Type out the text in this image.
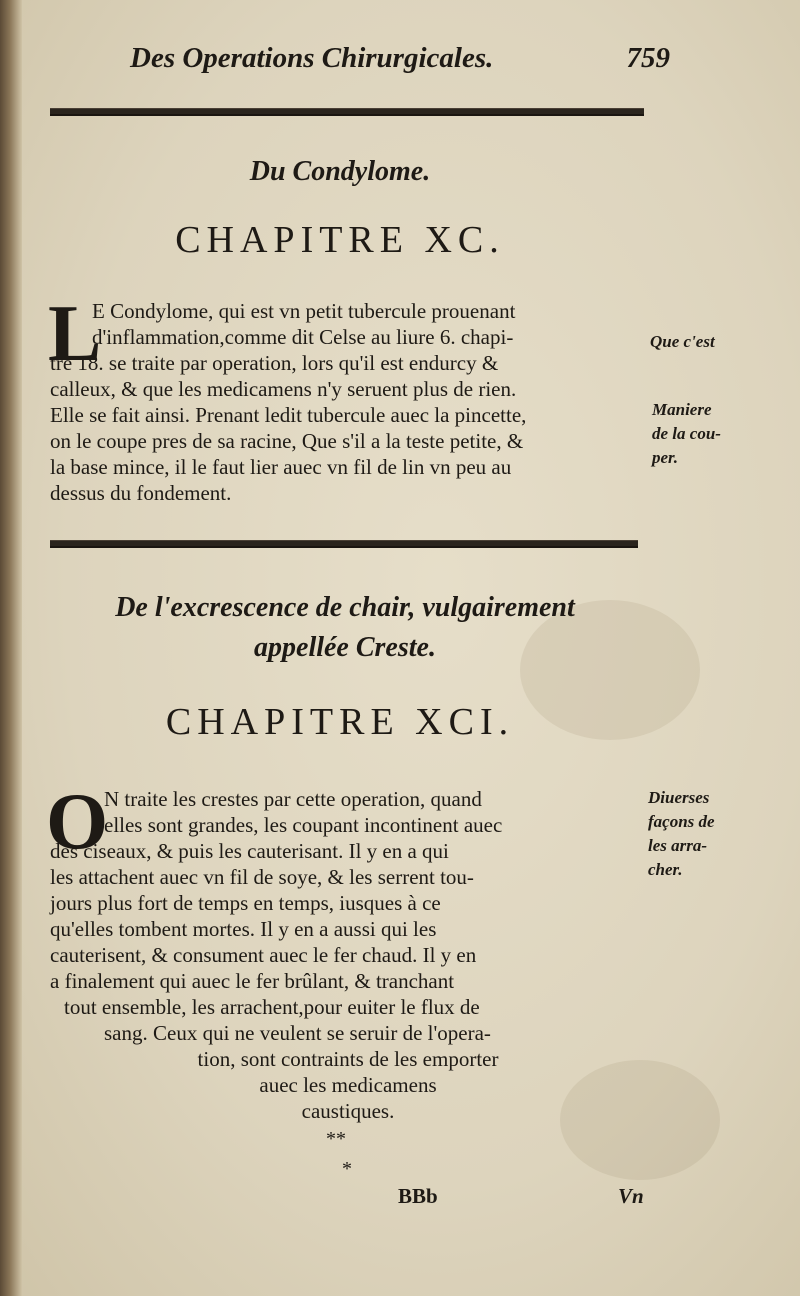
Des Operations Chirurgicales.	759
Du Condylome.
CHAPITRE XC.
L
E Condylome, qui est vn petit tubercule prouenant
d'inflammation,comme dit Celse au liure 6. chapi-
tre 18. se traite par operation, lors qu'il est endurcy &
calleux, & que les medicamens n'y seruent plus de rien.
Elle se fait ainsi. Prenant ledit tubercule auec la pincette,
on le coupe pres de sa racine, Que s'il a la teste petite, &
la base mince, il le faut lier auec vn fil de lin vn peu au
dessus du fondement.
Que c'est
Maniere
de la cou-
per.
De l'excrescence de chair, vulgairement
appellée Creste.
CHAPITRE XCI.
O
N traite les crestes par cette operation, quand
elles sont grandes, les coupant incontinent auec
des ciseaux, & puis les cauterisant. Il y en a qui
les attachent auec vn fil de soye, & les serrent tou-
jours plus fort de temps en temps, iusques à ce
qu'elles tombent mortes. Il y en a aussi qui les
cauterisent, & consument auec le fer chaud. Il y en
a finalement qui auec le fer brûlant, & tranchant
tout ensemble, les arrachent,pour euiter le flux de
sang. Ceux qui ne veulent se seruir de l'opera-
tion, sont contraints de les emporter
auec les medicamens
caustiques.
Diuerses
façons de
les arra-
cher.
**
*
BBb	Vn
